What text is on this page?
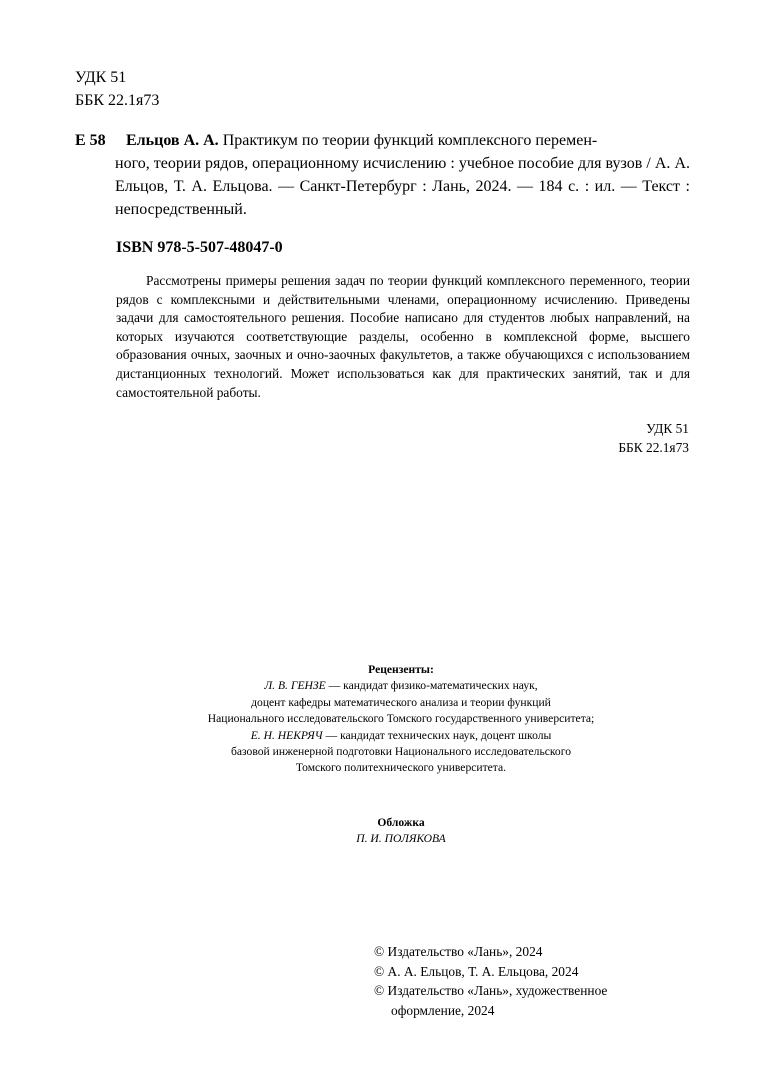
УДК 51
ББК 22.1я73
Е 58	Ельцов А. А. Практикум по теории функций комплексного перемен-
ного, теории рядов, операционному исчислению : учебное пособие для вузов / А. А. Ельцов, Т. А. Ельцова. — Санкт-Петербург : Лань, 2024. — 184 с. : ил. — Текст : непосредственный.
ISBN 978-5-507-48047-0
Рассмотрены примеры решения задач по теории функций комплексного переменного, теории рядов с комплексными и действительными членами, операционному исчислению. Приведены задачи для самостоятельного решения. Пособие написано для студентов любых направлений, на которых изучаются соответствующие разделы, особенно в комплексной форме, высшего образования очных, заочных и очно-заочных факультетов, а также обучающихся с использованием дистанционных технологий. Может использоваться как для практических занятий, так и для самостоятельной работы.
УДК 51
ББК 22.1я73
Рецензенты:
Л. В. ГЕНЗЕ — кандидат физико-математических наук,
доцент кафедры математического анализа и теории функций
Национального исследовательского Томского государственного университета;
Е. Н. НЕКРЯЧ — кандидат технических наук, доцент школы
базовой инженерной подготовки Национального исследовательского
Томского политехнического университета.
Обложка
П. И. ПОЛЯКОВА
© Издательство «Лань», 2024
© А. А. Ельцов, Т. А. Ельцова, 2024
© Издательство «Лань», художественное
оформление, 2024
